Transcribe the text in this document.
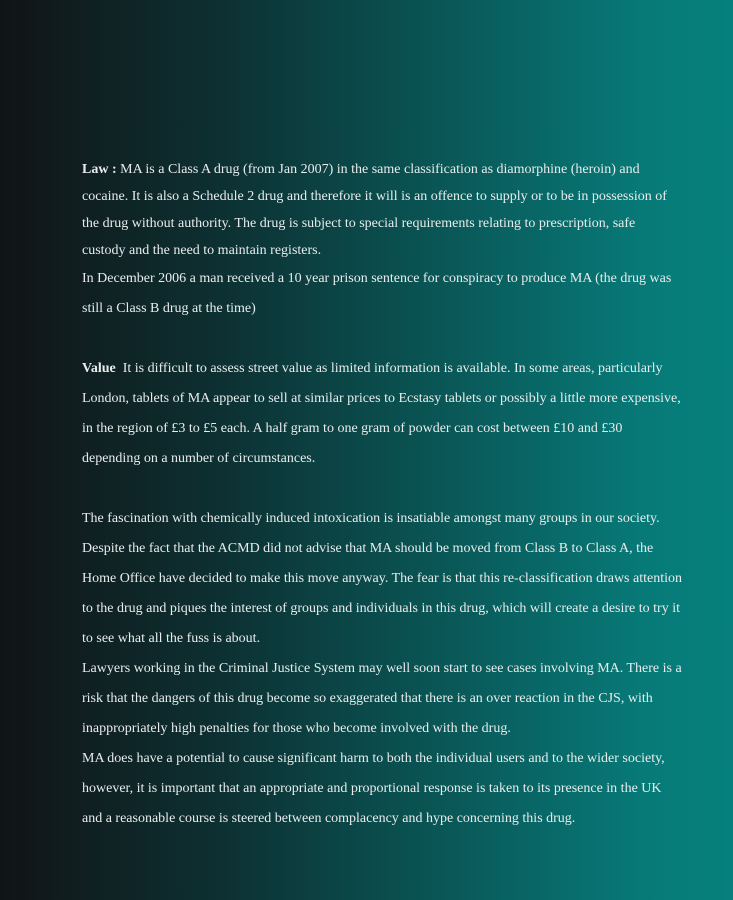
Law : MA is a Class A drug (from Jan 2007) in the same classification as diamorphine (heroin) and cocaine. It is also a Schedule 2 drug and therefore it will is an offence to supply or to be in possession of the drug without authority. The drug is subject to special requirements relating to prescription, safe custody and the need to maintain registers.

In December 2006 a man received a 10 year prison sentence for conspiracy to produce MA (the drug was still a Class B drug at the time)

Value It is difficult to assess street value as limited information is available. In some areas, particularly London, tablets of MA appear to sell at similar prices to Ecstasy tablets or possibly a little more expensive, in the region of £3 to £5 each. A half gram to one gram of powder can cost between £10 and £30 depending on a number of circumstances.

The fascination with chemically induced intoxication is insatiable amongst many groups in our society. Despite the fact that the ACMD did not advise that MA should be moved from Class B to Class A, the Home Office have decided to make this move anyway. The fear is that this re-classification draws attention to the drug and piques the interest of groups and individuals in this drug, which will create a desire to try it to see what all the fuss is about.

Lawyers working in the Criminal Justice System may well soon start to see cases involving MA. There is a risk that the dangers of this drug become so exaggerated that there is an over reaction in the CJS, with inappropriately high penalties for those who become involved with the drug.

MA does have a potential to cause significant harm to both the individual users and to the wider society, however, it is important that an appropriate and proportional response is taken to its presence in the UK and a reasonable course is steered between complacency and hype concerning this drug.
